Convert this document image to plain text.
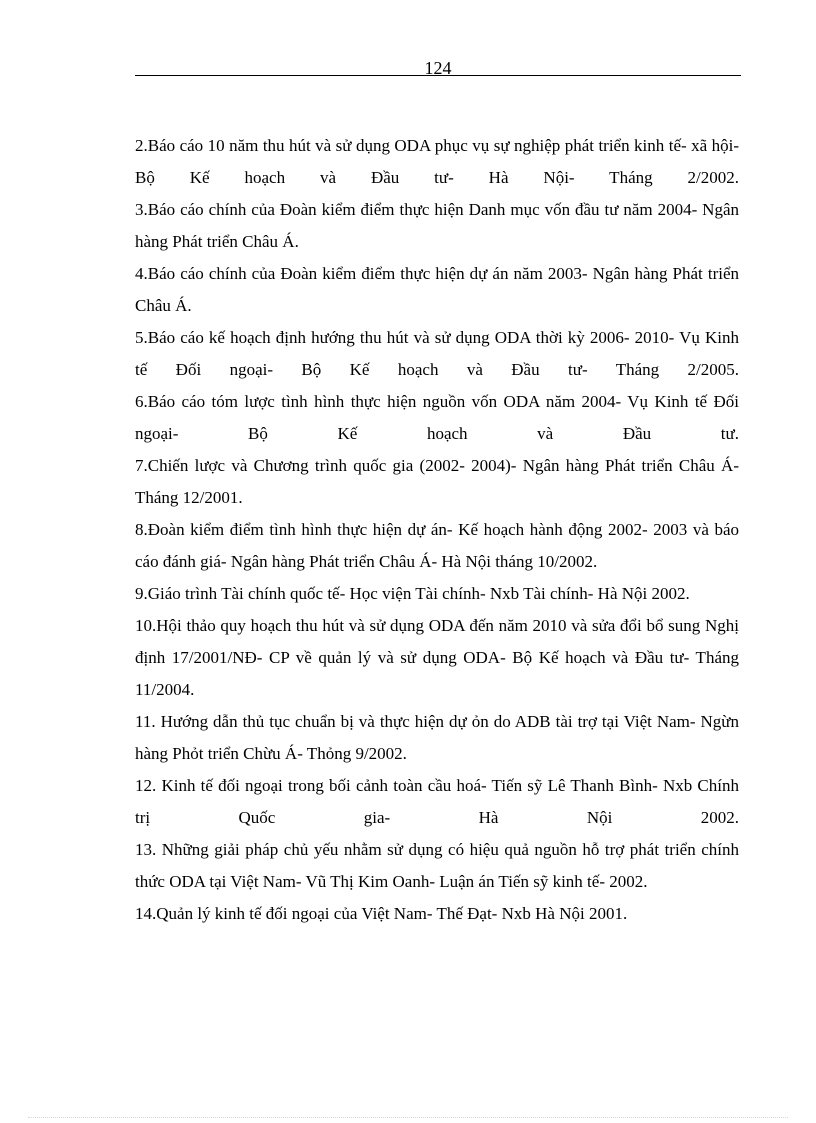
124

2.Báo cáo 10 năm thu hút và sử dụng ODA phục vụ sự nghiệp phát triển kinh tế- xã hội- Bộ Kế hoạch và Đầu tư- Hà Nội- Tháng 2/2002.

3.Báo cáo chính của Đoàn kiểm điểm thực hiện Danh mục vốn đầu tư năm 2004- Ngân hàng Phát triển Châu Á.

4.Báo cáo chính của Đoàn kiểm điểm thực hiện dự án năm 2003- Ngân hàng Phát triển Châu Á.

5.Báo cáo kế hoạch định hướng thu hút và sử dụng ODA thời kỳ 2006- 2010- Vụ Kinh tế Đối ngoại- Bộ Kế hoạch và Đầu tư- Tháng 2/2005.

6.Báo cáo tóm lược tình hình thực hiện nguồn vốn ODA năm 2004- Vụ Kinh tế Đối ngoại- Bộ Kế hoạch và Đầu tư.

7.Chiến lược và Chương trình quốc gia (2002- 2004)- Ngân hàng Phát triển Châu Á- Tháng 12/2001.

8.Đoàn kiểm điểm tình hình thực hiện dự án- Kế hoạch hành động 2002- 2003 và báo cáo đánh giá- Ngân hàng Phát triển Châu Á- Hà Nội tháng 10/2002.

9.Giáo trình Tài chính quốc tế- Học viện Tài chính- Nxb Tài chính- Hà Nội 2002.

10.Hội thảo quy hoạch thu hút và sử dụng ODA đến năm 2010 và sửa đổi bổ sung Nghị định 17/2001/NĐ- CP về quản lý và sử dụng ODA- Bộ Kế hoạch và Đầu tư- Tháng 11/2004.

11. Hướng dẫn thủ tục chuẩn bị và thực hiện dự ỏn do ADB tài trợ tại Việt Nam- Ngừn hàng Phỏt triển Chừu Á- Thỏng 9/2002.

12. Kinh tế đối ngoại trong bối cảnh toàn cầu hoá- Tiến sỹ Lê Thanh Bình- Nxb Chính trị Quốc gia- Hà Nội 2002.

13. Những giải pháp chủ yếu nhằm sử dụng có hiệu quả nguồn hỗ trợ phát triển chính thức ODA tại Việt Nam- Vũ Thị Kim Oanh- Luận án Tiến sỹ kinh tế- 2002.

14.Quản lý kinh tế đối ngoại của Việt Nam- Thế Đạt- Nxb Hà Nội 2001.
